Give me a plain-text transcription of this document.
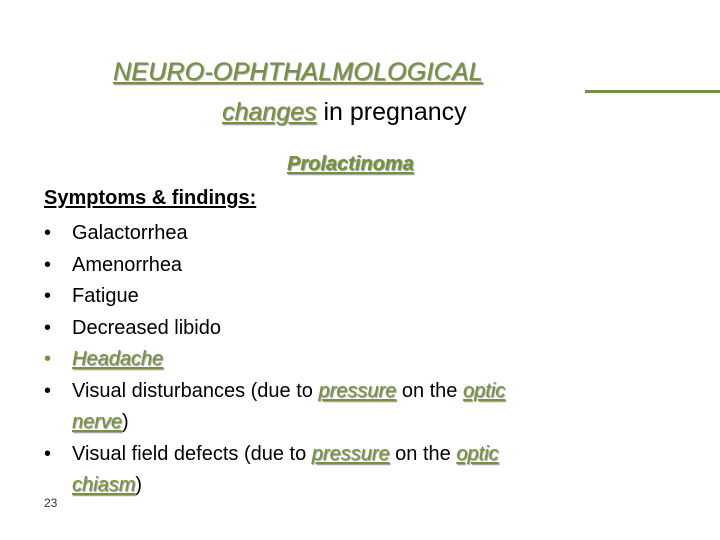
NEURO-OPHTHALMOLOGICAL
changes in pregnancy
Prolactinoma
Symptoms & findings:
• Galactorrhea
• Amenorrhea
• Fatigue
• Decreased libido
• Headache
• Visual disturbances (due to pressure on the optic
nerve)
• Visual field defects (due to pressure on the optic
chiasm)
23
